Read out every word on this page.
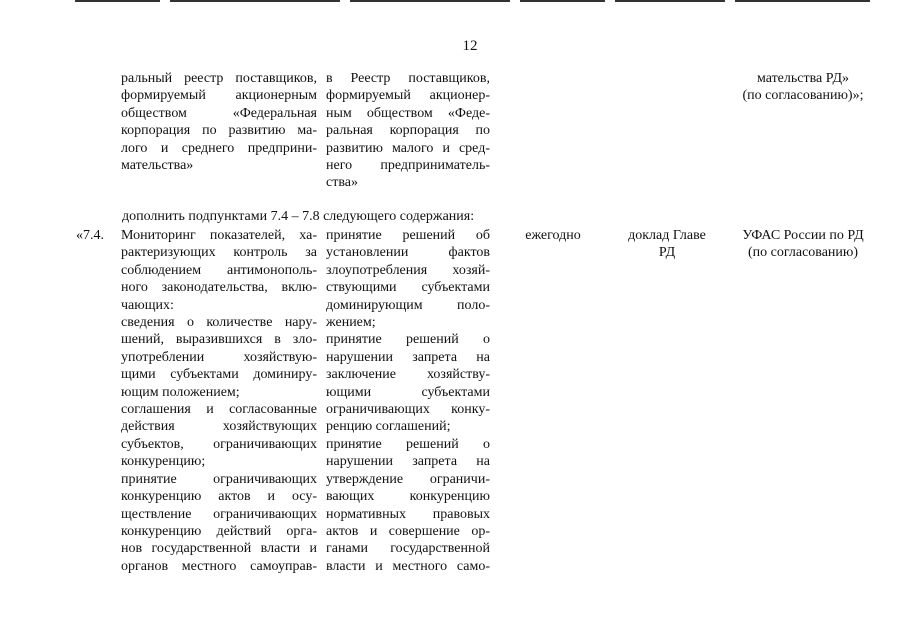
12
ральный реестр поставщиков,
формируемый акционерным
обществом «Федеральная
корпорация по развитию ма-
лого и среднего предприни-
мательства»
в Реестр поставщиков,
формируемый акционер-
ным обществом «Феде-
ральная корпорация по
развитию малого и сред-
него предприниматель-
ства»
мательства РД»
(по согласованию)»;
дополнить подпунктами 7.4 – 7.8 следующего содержания:
«7.4. Мониторинг показателей, ха-
рактеризующих контроль за
соблюдением антимонополь-
ного законодательства, вклю-
чающих:
сведения о количестве нару-
шений, выразившихся в зло-
употреблении хозяйствую-
щими субъектами доминиру-
ющим положением;
соглашения и согласованные
действия хозяйствующих
субъектов, ограничивающих
конкуренцию;
принятие ограничивающих
конкуренцию актов и осу-
ществление ограничивающих
конкуренцию действий орга-
нов государственной власти и
органов местного самоуправ-
принятие решений об
установлении фактов
злоупотребления хозяй-
ствующими субъектами
доминирующим поло-
жением;
принятие решений о
нарушении запрета на
заключение хозяйству-
ющими субъектами
ограничивающих конку-
ренцию соглашений;
принятие решений о
нарушении запрета на
утверждение ограничи-
вающих конкуренцию
нормативных правовых
актов и совершение ор-
ганами государственной
власти и местного само-
ежегодно	доклад Главе
РД
УФАС России по РД
(по согласованию)
